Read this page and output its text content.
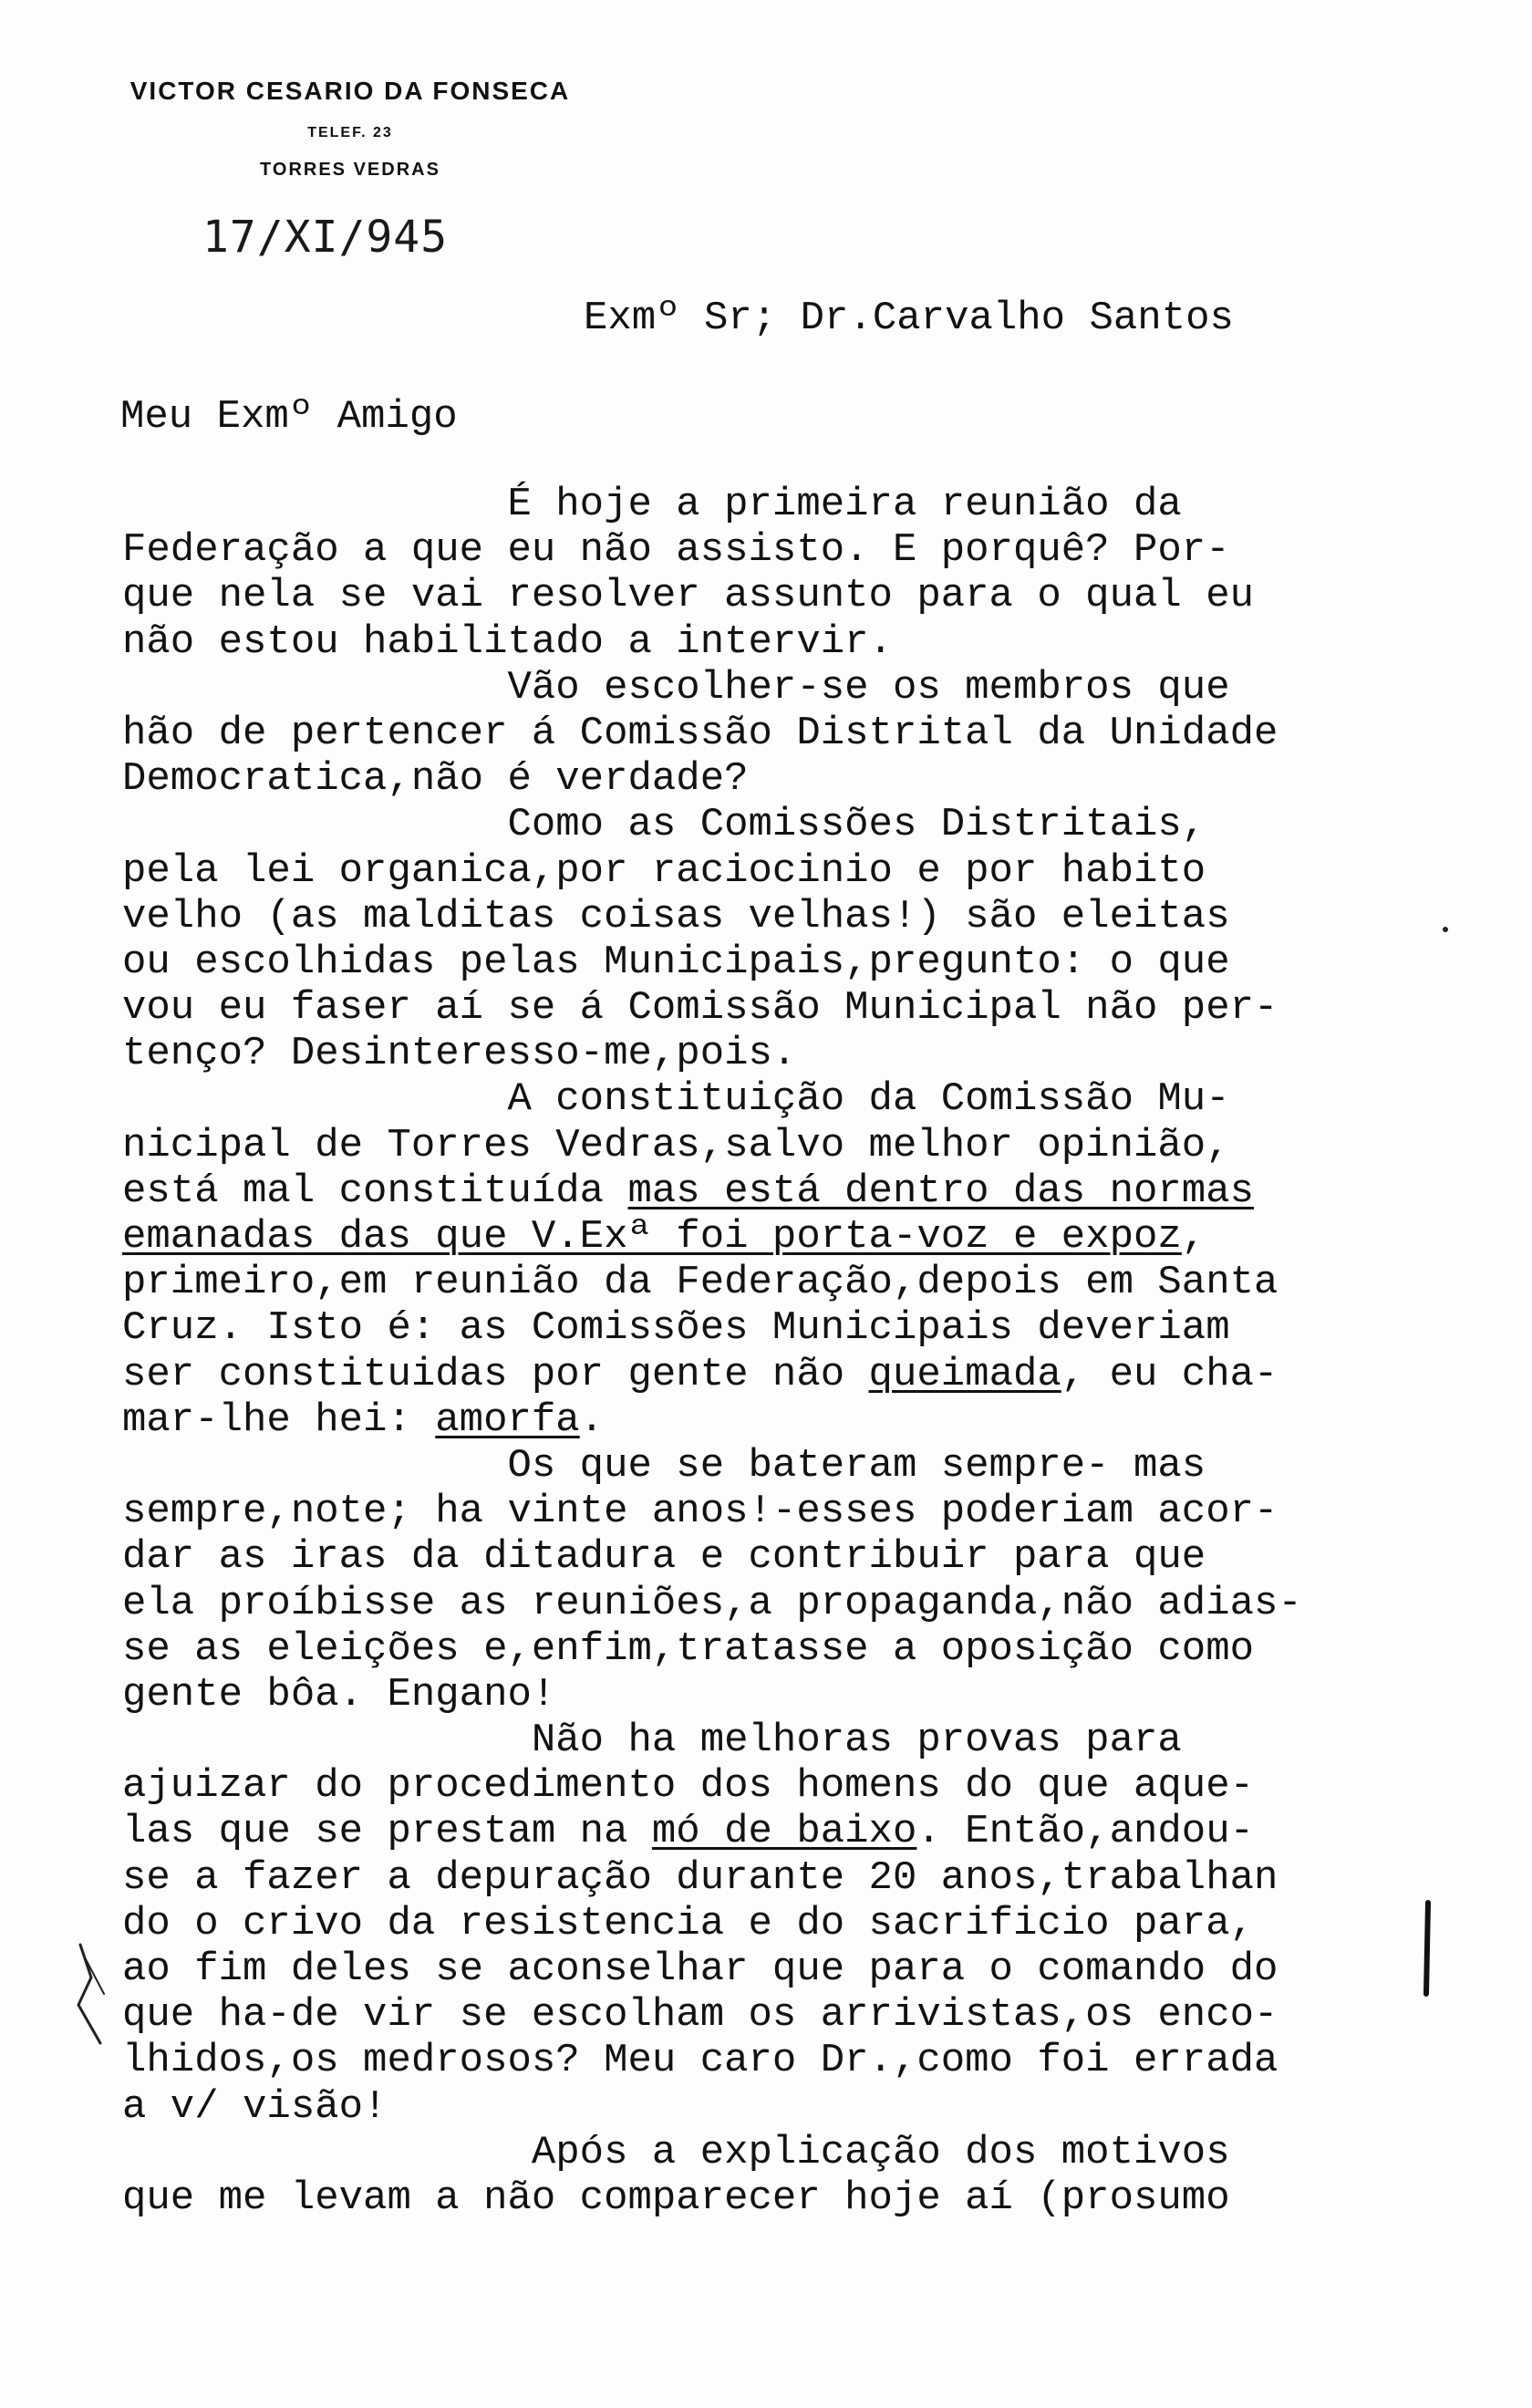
VICTOR CESARIO DA FONSECA
TELEF. 23
TORRES VEDRAS
17/XI/945
Exmº Sr; Dr.Carvalho Santos
Meu Exmº Amigo
É hoje a primeira reunião da
Federação a que eu não assisto. E porquê? Por-
que nela se vai resolver assunto para o qual eu
não estou habilitado a intervir.
Vão escolher-se os membros que
hão de pertencer á Comissão Distrital da Unidade
Democratica,não é verdade?
Como as Comissões Distritais,
pela lei organica,por raciocinio e por habito
velho (as malditas coisas velhas!) são eleitas
ou escolhidas pelas Municipais,pregunto: o que
vou eu faser aí se á Comissão Municipal não per-
tenço? Desinteresso-me,pois.
A constituição da Comissão Mu-
nicipal de Torres Vedras,salvo melhor opinião,
está mal constituída mas está dentro das normas
emanadas das que V.Exª foi porta-voz e expoz,
primeiro,em reunião da Federação,depois em Santa
Cruz. Isto é: as Comissões Municipais deveriam
ser constituidas por gente não queimada, eu cha-
mar-lhe hei: amorfa.
Os que se bateram sempre- mas
sempre,note; ha vinte anos!-esses poderiam acor-
dar as iras da ditadura e contribuir para que
ela proíbisse as reuniões,a propaganda,não adias-
se as eleições e,enfim,tratasse a oposição como
gente bôa. Engano!
Não ha melhoras provas para
ajuizar do procedimento dos homens do que aque-
las que se prestam na mó de baixo. Então,andou-
se a fazer a depuração durante 20 anos,trabalhan
do o crivo da resistencia e do sacrificio para,
ao fim deles se aconselhar que para o comando do
que ha-de vir se escolham os arrivistas,os enco-
lhidos,os medrosos? Meu caro Dr.,como foi errada
a v/ visão!
Após a explicação dos motivos
que me levam a não comparecer hoje aí (prosumo
